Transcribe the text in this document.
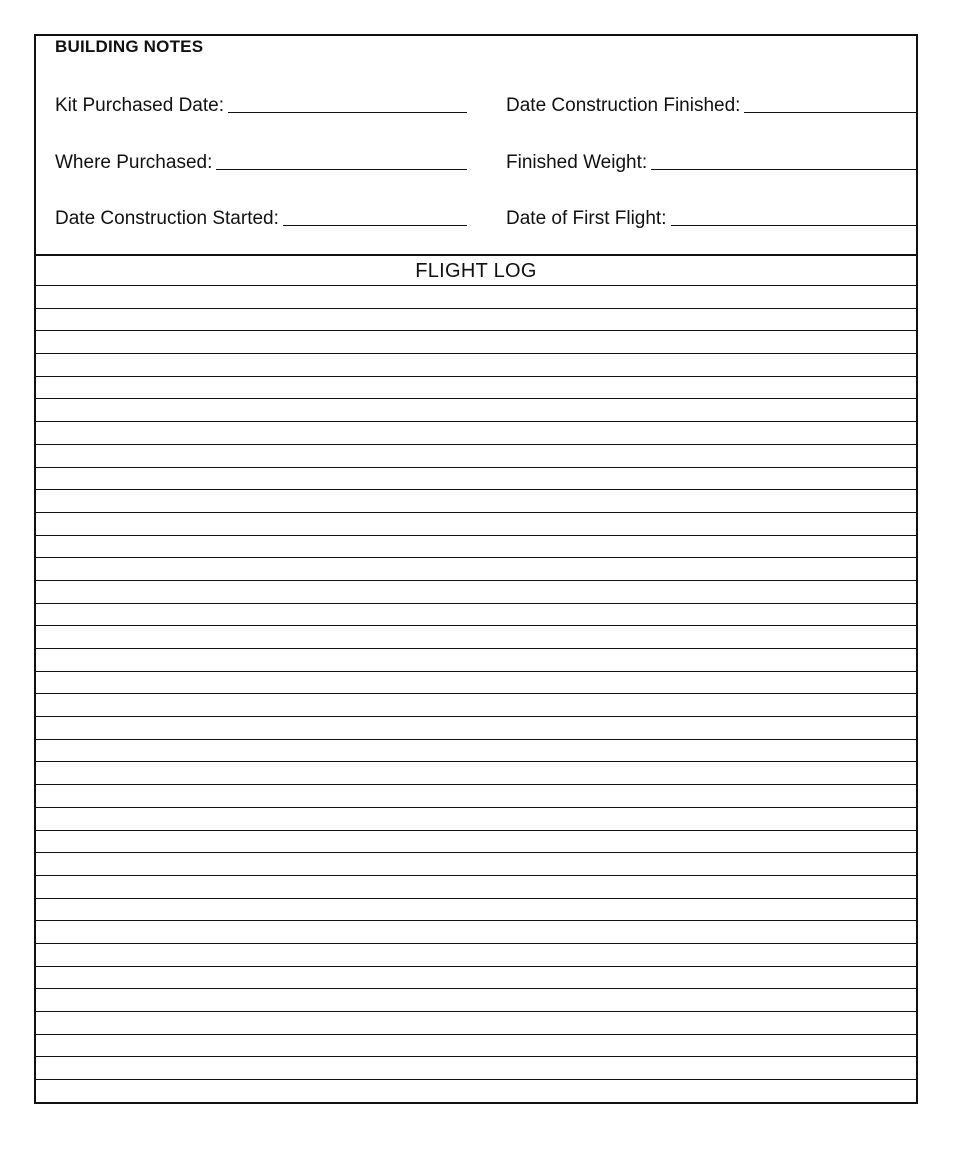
BUILDING NOTES
Kit Purchased Date:	Date Construction Finished:
Where Purchased:	Finished Weight:
Date Construction Started:	Date of First Flight:
FLIGHT LOG
